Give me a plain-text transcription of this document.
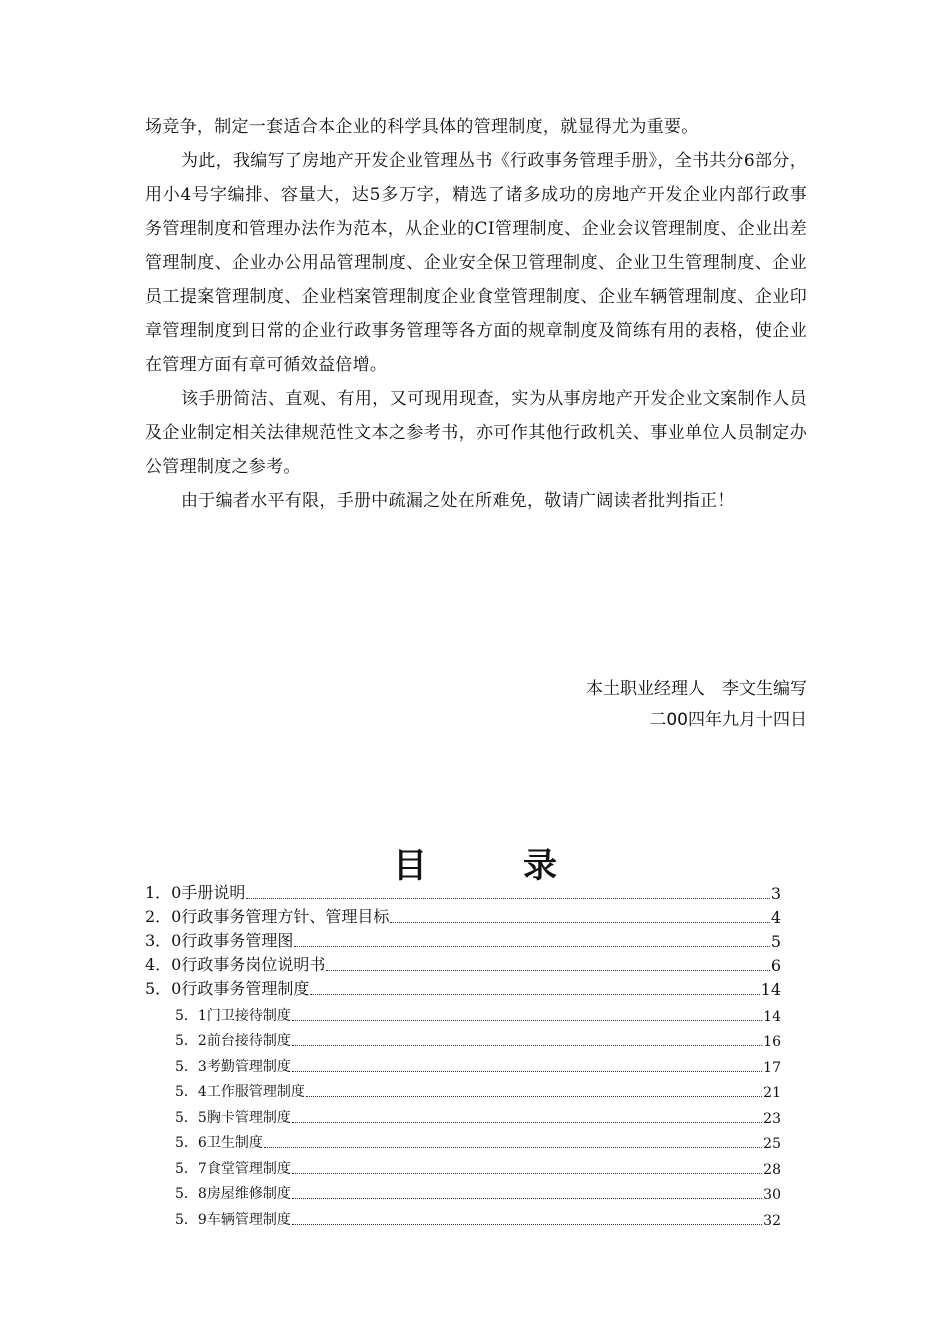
场竞争，制定一套适合本企业的科学具体的管理制度，就显得尤为重要。

为此，我编写了房地产开发企业管理丛书《行政事务管理手册》，全书共分6部分，用小4号字编排、容量大，达5多万字，精选了诸多成功的房地产开发企业内部行政事务管理制度和管理办法作为范本，从企业的CI管理制度、企业会议管理制度、企业出差管理制度、企业办公用品管理制度、企业安全保卫管理制度、企业卫生管理制度、企业员工提案管理制度、企业档案管理制度企业食堂管理制度、企业车辆管理制度、企业印章管理制度到日常的企业行政事务管理等各方面的规章制度及简练有用的表格，使企业在管理方面有章可循效益倍增。

该手册简洁、直观、有用，又可现用现查，实为从事房地产开发企业文案制作人员及企业制定相关法律规范性文本之参考书，亦可作其他行政机关、事业单位人员制定办公管理制度之参考。

由于编者水平有限，手册中疏漏之处在所难免，敬请广阔读者批判指正！

本土职业经理人　李文生编写
二00四年九月十四日
目录
1．0 手册说明	3
2．0 行政事务管理方针、管理目标	4
3．0 行政事务管理图	5
4．0 行政事务岗位说明书	6
5．0 行政事务管理制度	14
5．1 门卫接待制度	14
5．2 前台接待制度	16
5．3 考勤管理制度	17
5．4 工作服管理制度	21
5．5 胸卡管理制度	23
5．6 卫生制度	25
5．7 食堂管理制度	28
5．8 房屋维修制度	30
5．9 车辆管理制度	32
